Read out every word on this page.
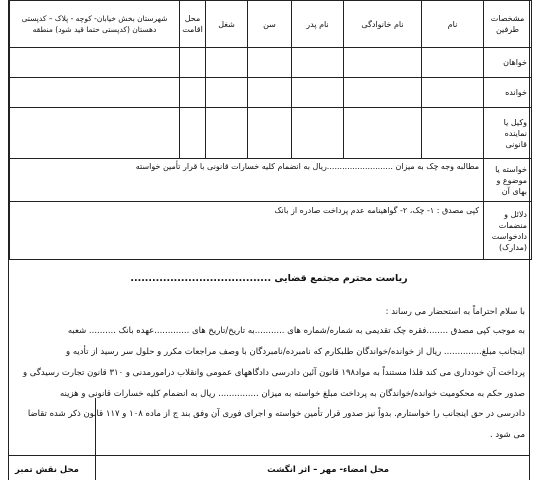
مشخصات طرفین	نام	نام خانوادگی	نام پدر	سن	شغل	محل اقامت	شهرستان بخش خیابان- کوچه - پلاک – کدپستی دهستان (کدپستی حتما قید شود) منطقه
خواهان							
خوانده							
وکیل یا نماینده قانونی							
خواسته یا موضوع و بهای آن	مطالبه وجه چک به میزان ..........................ریال به انضمام کلیه خسارات قانونی با قرار تأمین خواسته						
دلائل و منضمات دادخواست (مدارک)	کپی مصدق : ۱- چک، ۲- گواهینامه عدم پرداخت صادره از بانک						
ریاست محترم مجتمع قضایی .......................................
با سلام احتراماً به استحضار می رساند :
به موجب کپی مصدق ........فقره چک تقدیمی به شماره/شماره های ...........به تاریخ/تاریخ های .............عهده بانک .......... شعبه
اینجانب مبلغ.............. ریال از خوانده/خواندگان طلبکارم که نامبرده/نامبردگان با وصف مراجعات مکرر و حلول سر رسید از تأدیه و
پرداخت آن خودداری می کند فلذا مستنداً به مواد۱۹۸ قانون آئین دادرسی دادگاههای عمومی وانقلاب درامورمدنی و ۳۱۰ قانون تجارت رسیدگی و
صدور حکم به محکومیت خوانده/خواندگان به پرداخت مبلغ خواسته به میزان ............... ریال به انضمام کلیه خسارات قانونی و هزینه
دادرسی در حق اینجانب را خواستارم. بدواً نیز صدور قرار تأمین خواسته و اجرای فوری آن وفق بند ج از ماده ۱۰۸ و ۱۱۷ قانون ذکر شده تقاضا
می شود .
محل امضاء- مهر – اثر انگشت
محل نقش تمبر
